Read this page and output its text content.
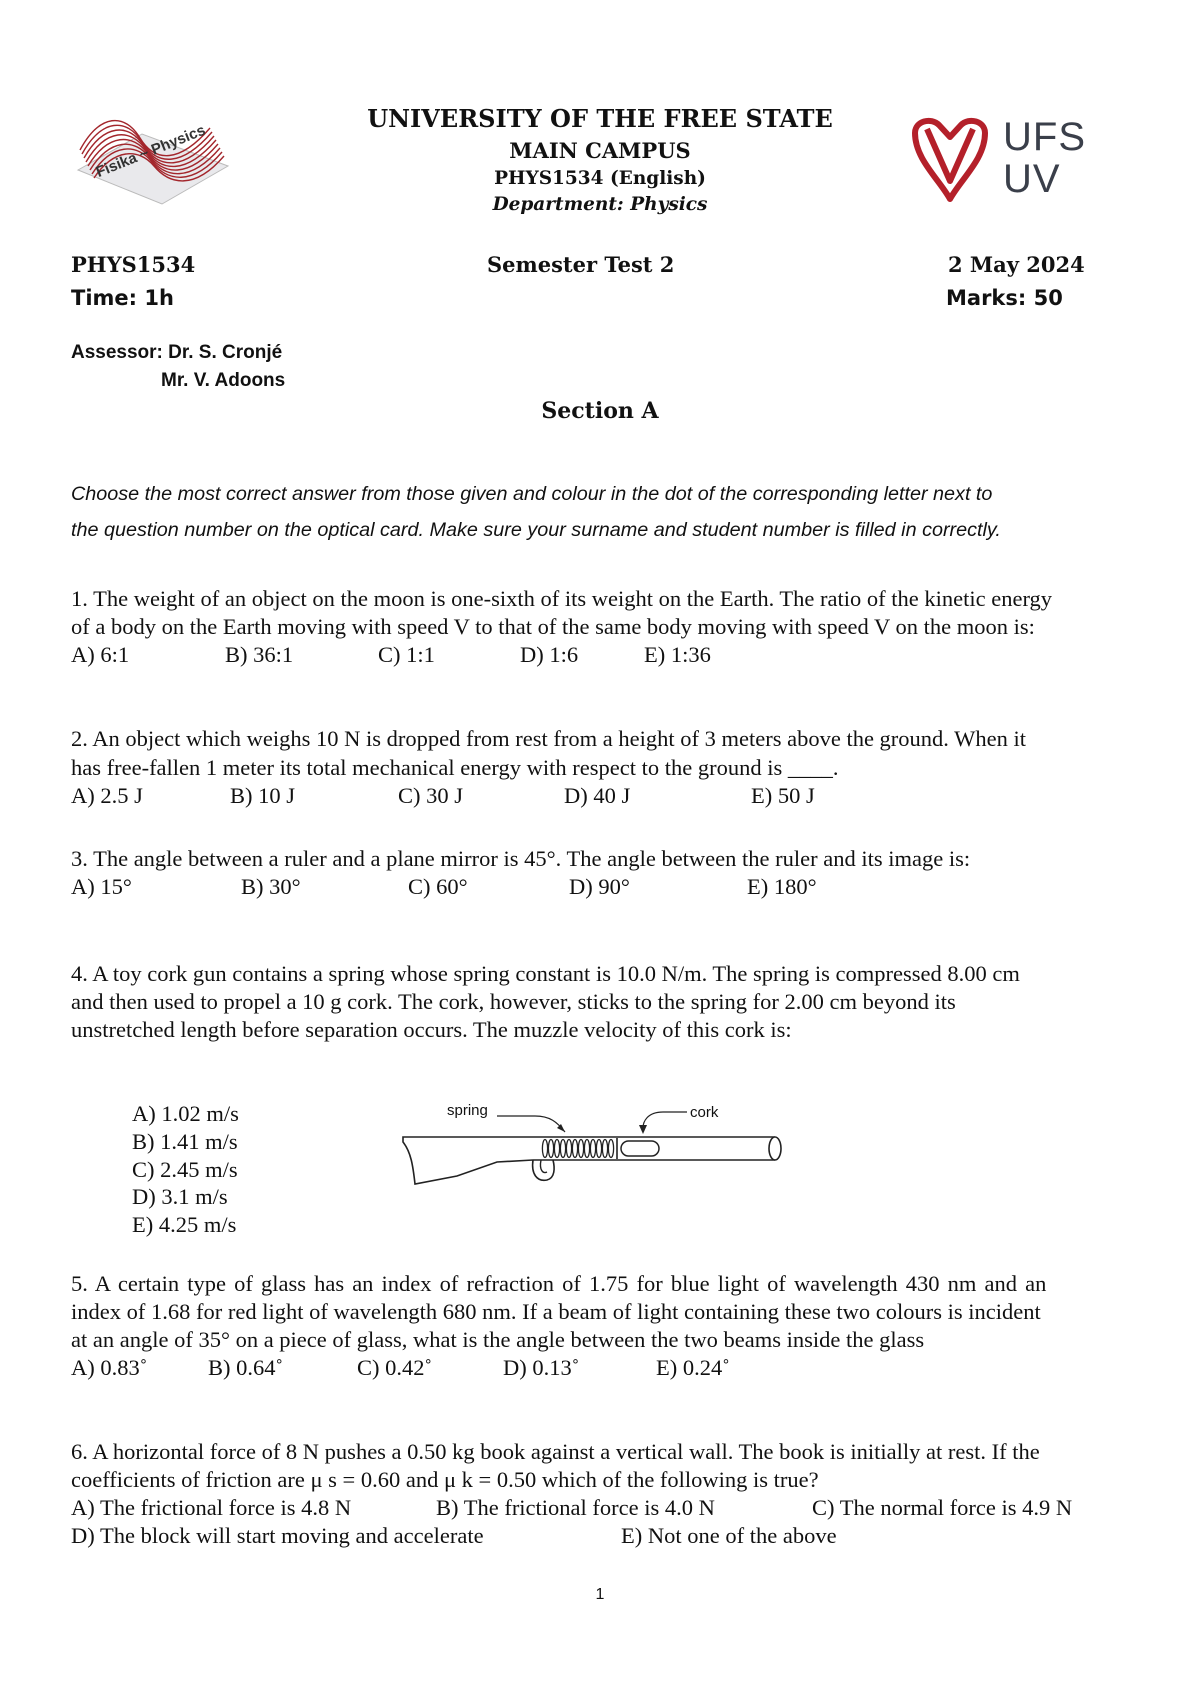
Fisika ~ Physics	UFS
UV
UNIVERSITY OF THE FREE STATE
MAIN CAMPUS
PHYS1534 (English)
Department: Physics
PHYS1534	Semester Test 2	2 May 2024
Time: 1h	Marks: 50
Assessor: Dr. S. Cronjé
Mr. V. Adoons
Section A
Choose the most correct answer from those given and colour in the dot of the corresponding letter next to
the question number on the optical card. Make sure your surname and student number is filled in correctly.
1. The weight of an object on the moon is one-sixth of its weight on the Earth. The ratio of the kinetic energy
of a body on the Earth moving with speed V to that of the same body moving with speed V on the moon is:
A) 6:1	B) 36:1	C) 1:1	D) 1:6	E) 1:36
2. An object which weighs 10 N is dropped from rest from a height of 3 meters above the ground. When it
has free-fallen 1 meter its total mechanical energy with respect to the ground is ____.
A) 2.5 J	B) 10 J	C) 30 J	D) 40 J	E) 50 J
3. The angle between a ruler and a plane mirror is 45°. The angle between the ruler and its image is:
A) 15°	B) 30°	C) 60°	D) 90°	E) 180°
4. A toy cork gun contains a spring whose spring constant is 10.0 N/m. The spring is compressed 8.00 cm
and then used to propel a 10 g cork. The cork, however, sticks to the spring for 2.00 cm beyond its
unstretched length before separation occurs. The muzzle velocity of this cork is:
A) 1.02 m/s
B) 1.41 m/s
C) 2.45 m/s
D) 3.1 m/s
E) 4.25 m/s
spring	cork
5. A certain type of glass has an index of refraction of 1.75 for blue light of wavelength 430 nm and an
index of 1.68 for red light of wavelength 680 nm. If a beam of light containing these two colours is incident
at an angle of 35° on a piece of glass, what is the angle between the two beams inside the glass
A) 0.83˚	B) 0.64˚	C) 0.42˚	D) 0.13˚	E) 0.24˚
6. A horizontal force of 8 N pushes a 0.50 kg book against a vertical wall. The book is initially at rest. If the
coefficients of friction are μ s = 0.60 and μ k = 0.50 which of the following is true?
A) The frictional force is 4.8 N	B) The frictional force is 4.0 N	C) The normal force is 4.9 N
D) The block will start moving and accelerate	E) Not one of the above
1
